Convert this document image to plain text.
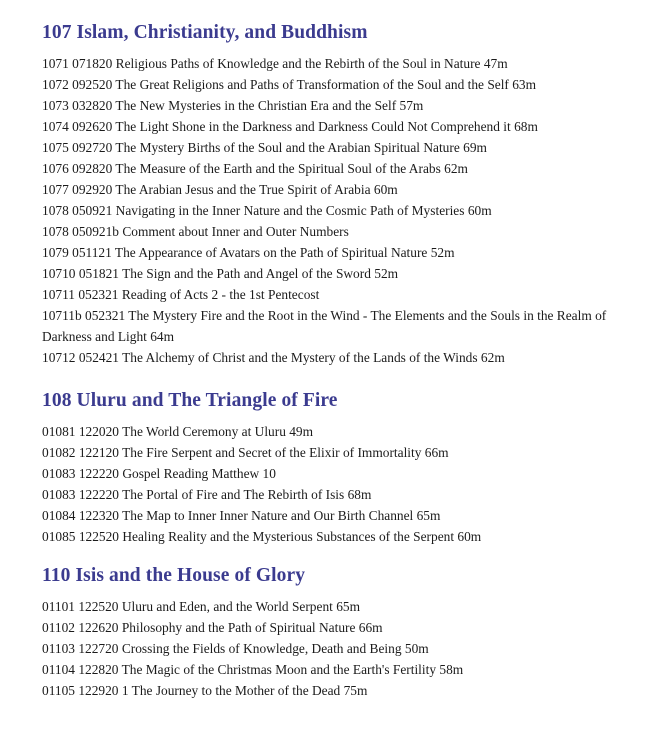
107 Islam, Christianity, and Buddhism

1071 071820 Religious Paths of Knowledge and the Rebirth of the Soul in Nature 47m

1072 092520 The Great Religions and Paths of Transformation of the Soul and the Self 63m

1073 032820 The New Mysteries in the Christian Era and the Self 57m

1074 092620 The Light Shone in the Darkness and Darkness Could Not Comprehend it 68m

1075 092720 The Mystery Births of the Soul and the Arabian Spiritual Nature 69m

1076 092820 The Measure of the Earth and the Spiritual Soul of the Arabs 62m

1077 092920 The Arabian Jesus and the True Spirit of Arabia 60m

1078 050921 Navigating in the Inner Nature and the Cosmic Path of Mysteries 60m

1078 050921b Comment about Inner and Outer Numbers

1079 051121 The Appearance of Avatars on the Path of Spiritual Nature 52m

10710 051821 The Sign and the Path and Angel of the Sword 52m

10711 052321 Reading of Acts 2 - the 1st Pentecost

10711b 052321 The Mystery Fire and the Root in the Wind - The Elements and the Souls in the Realm of Darkness and Light 64m

10712 052421 The Alchemy of Christ and the Mystery of the Lands of the Winds 62m

108 Uluru and The Triangle of Fire

01081 122020 The World Ceremony at Uluru 49m

01082 122120 The Fire Serpent and Secret of the Elixir of Immortality 66m

01083 122220 Gospel Reading Matthew 10

01083 122220 The Portal of Fire and The Rebirth of Isis 68m

01084 122320 The Map to Inner Inner Nature and Our Birth Channel 65m

01085 122520 Healing Reality and the Mysterious Substances of the Serpent 60m

110 Isis and the House of Glory

01101 122520 Uluru and Eden, and the World Serpent 65m

01102 122620 Philosophy and the Path of Spiritual Nature 66m

01103 122720 Crossing the Fields of Knowledge, Death and Being 50m

01104 122820 The Magic of the Christmas Moon and the Earth's Fertility 58m

01105 122920 1 The Journey to the Mother of the Dead 75m
